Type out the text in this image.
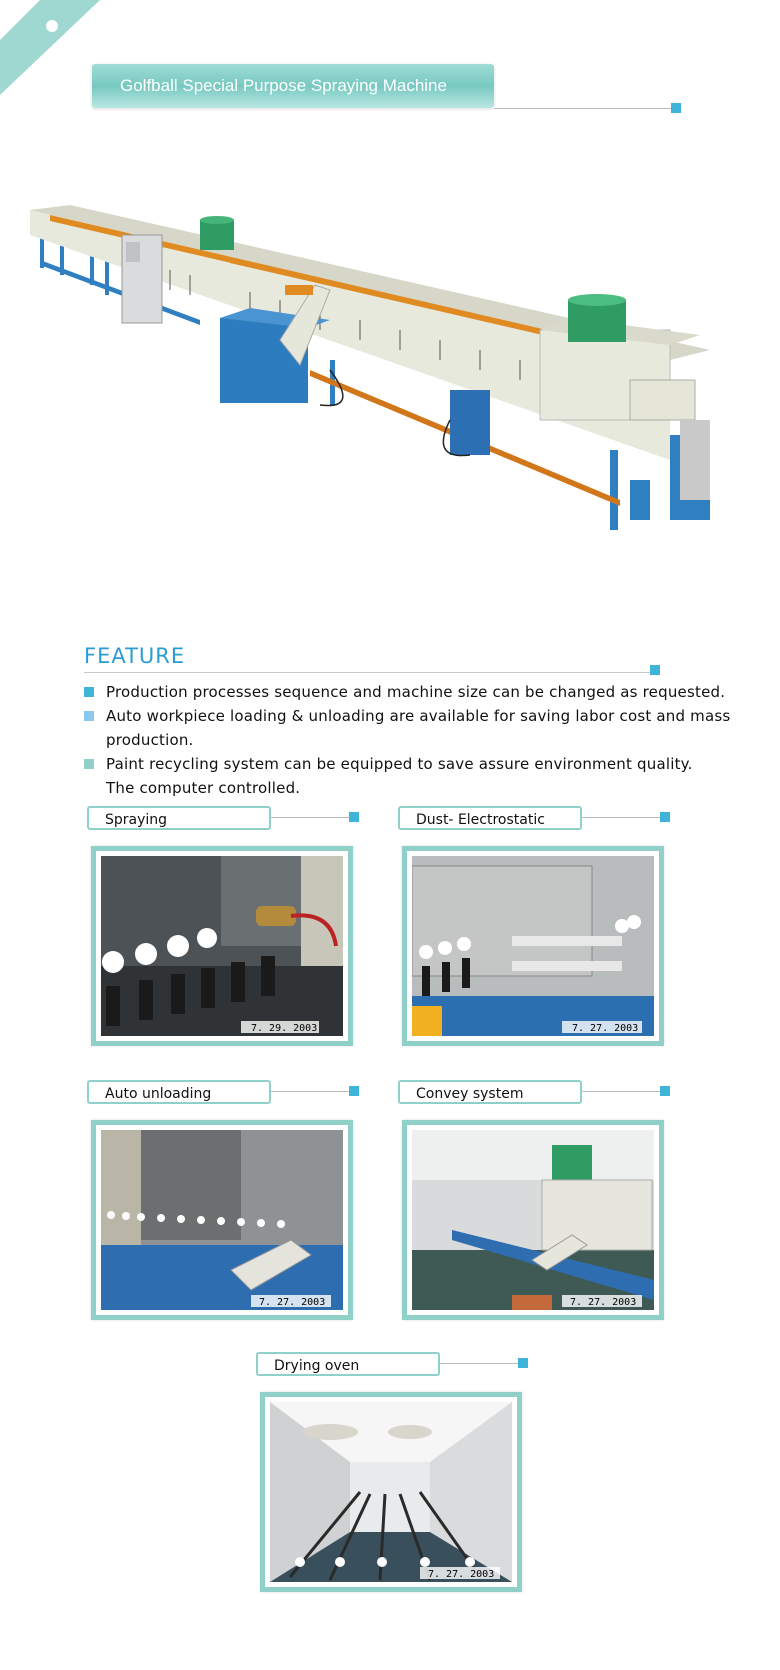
Golfball Special Purpose Spraying Machine
FEATURE
Production processes sequence and machine size can be changed as requested.
Auto workpiece loading & unloading are available for saving labor cost and mass
production.
Paint recycling system can be equipped to save assure environment quality.
The computer controlled.
Spraying
7. 29. 2003
Dust- Electrostatic
7. 27. 2003
Auto unloading
7. 27. 2003
Convey system
7. 27. 2003
Drying oven
7. 27. 2003
